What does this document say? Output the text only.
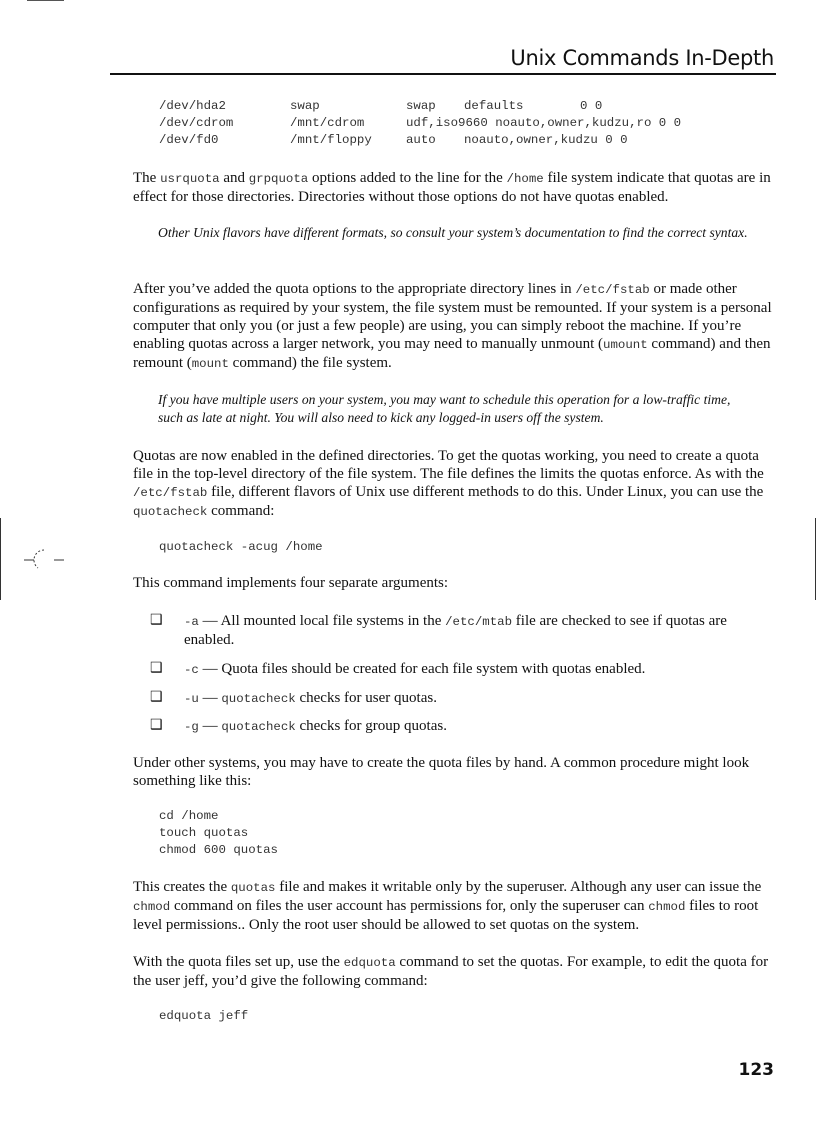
Unix Commands In-Depth
/dev/hda2	swap	swap defaults	0 0
/dev/cdrom	/mnt/cdrom	udf,iso9660 noauto,owner,kudzu,ro 0 0
/dev/fd0	/mnt/floppy	auto noauto,owner,kudzu 0 0

The usrquota and grpquota options added to the line for the /home file system indicate that quotas are in effect for those directories. Directories without those options do not have quotas enabled.

Other Unix flavors have different formats, so consult your system’s documentation to find the correct syntax.

After you’ve added the quota options to the appropriate directory lines in /etc/fstab or made other configurations as required by your system, the file system must be remounted. If your system is a personal computer that only you (or just a few people) are using, you can simply reboot the machine. If you’re enabling quotas across a larger network, you may need to manually unmount (umount command) and then remount (mount command) the file system.

If you have multiple users on your system, you may want to schedule this operation for a low-traffic time, such as late at night. You will also need to kick any logged-in users off the system.

Quotas are now enabled in the defined directories. To get the quotas working, you need to create a quota file in the top-level directory of the file system. The file defines the limits the quotas enforce. As with the /etc/fstab file, different flavors of Unix use different methods to do this. Under Linux, you can use the quotacheck command:

quotacheck -acug /home

This command implements four separate arguments:

❑ -a — All mounted local file systems in the /etc/mtab file are checked to see if quotas are enabled.

❑ -c — Quota files should be created for each file system with quotas enabled.

❑ -u — quotacheck checks for user quotas.

❑ -g — quotacheck checks for group quotas.

Under other systems, you may have to create the quota files by hand. A common procedure might look something like this:

cd /home
touch quotas
chmod 600 quotas

This creates the quotas file and makes it writable only by the superuser. Although any user can issue the chmod command on files the user account has permissions for, only the superuser can chmod files to root level permissions.. Only the root user should be allowed to set quotas on the system.

With the quota files set up, use the edquota command to set the quotas. For example, to edit the quota for the user jeff, you’d give the following command:

edquota jeff
123
